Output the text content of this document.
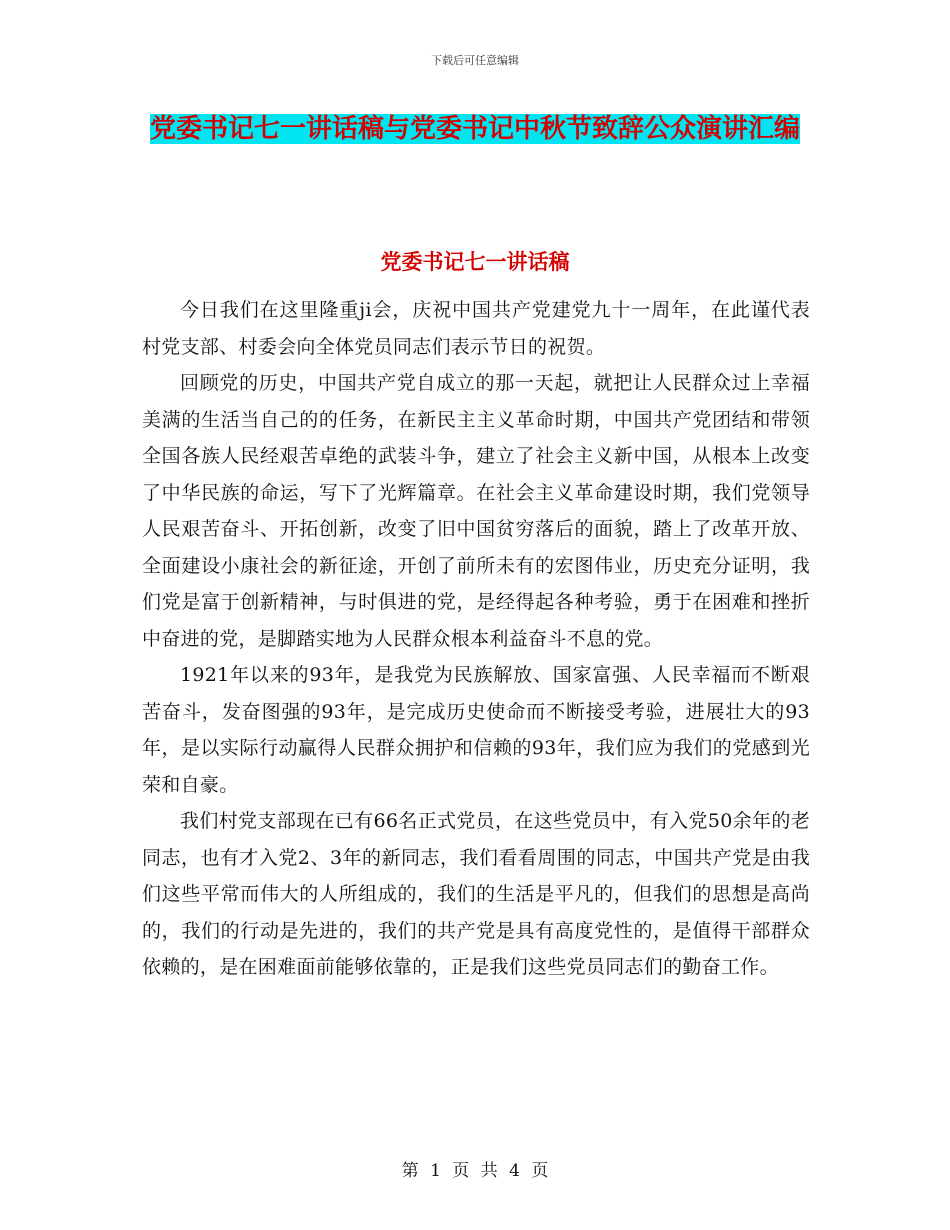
下载后可任意编辑
党委书记七一讲话稿与党委书记中秋节致辞公众演讲汇编
党委书记七一讲话稿

今日我们在这里隆重ji会，庆祝中国共产党建党九十一周年，在此谨代表村党支部、村委会向全体党员同志们表示节日的祝贺。

回顾党的历史，中国共产党自成立的那一天起，就把让人民群众过上幸福美满的生活当自己的的任务，在新民主主义革命时期，中国共产党团结和带领全国各族人民经艰苦卓绝的武装斗争，建立了社会主义新中国，从根本上改变了中华民族的命运，写下了光辉篇章。在社会主义革命建设时期，我们党领导人民艰苦奋斗、开拓创新，改变了旧中国贫穷落后的面貌，踏上了改革开放、全面建设小康社会的新征途，开创了前所未有的宏图伟业，历史充分证明，我们党是富于创新精神，与时俱进的党，是经得起各种考验，勇于在困难和挫折中奋进的党，是脚踏实地为人民群众根本利益奋斗不息的党。

1921年以来的93年，是我党为民族解放、国家富强、人民幸福而不断艰苦奋斗，发奋图强的93年，是完成历史使命而不断接受考验，进展壮大的93年，是以实际行动赢得人民群众拥护和信赖的93年，我们应为我们的党感到光荣和自豪。

我们村党支部现在已有66名正式党员，在这些党员中，有入党50余年的老同志，也有才入党2、3年的新同志，我们看看周围的同志，中国共产党是由我们这些平常而伟大的人所组成的，我们的生活是平凡的，但我们的思想是高尚的，我们的行动是先进的，我们的共产党是具有高度党性的，是值得干部群众依赖的，是在困难面前能够依靠的，正是我们这些党员同志们的勤奋工作。

第 1 页 共 4 页
